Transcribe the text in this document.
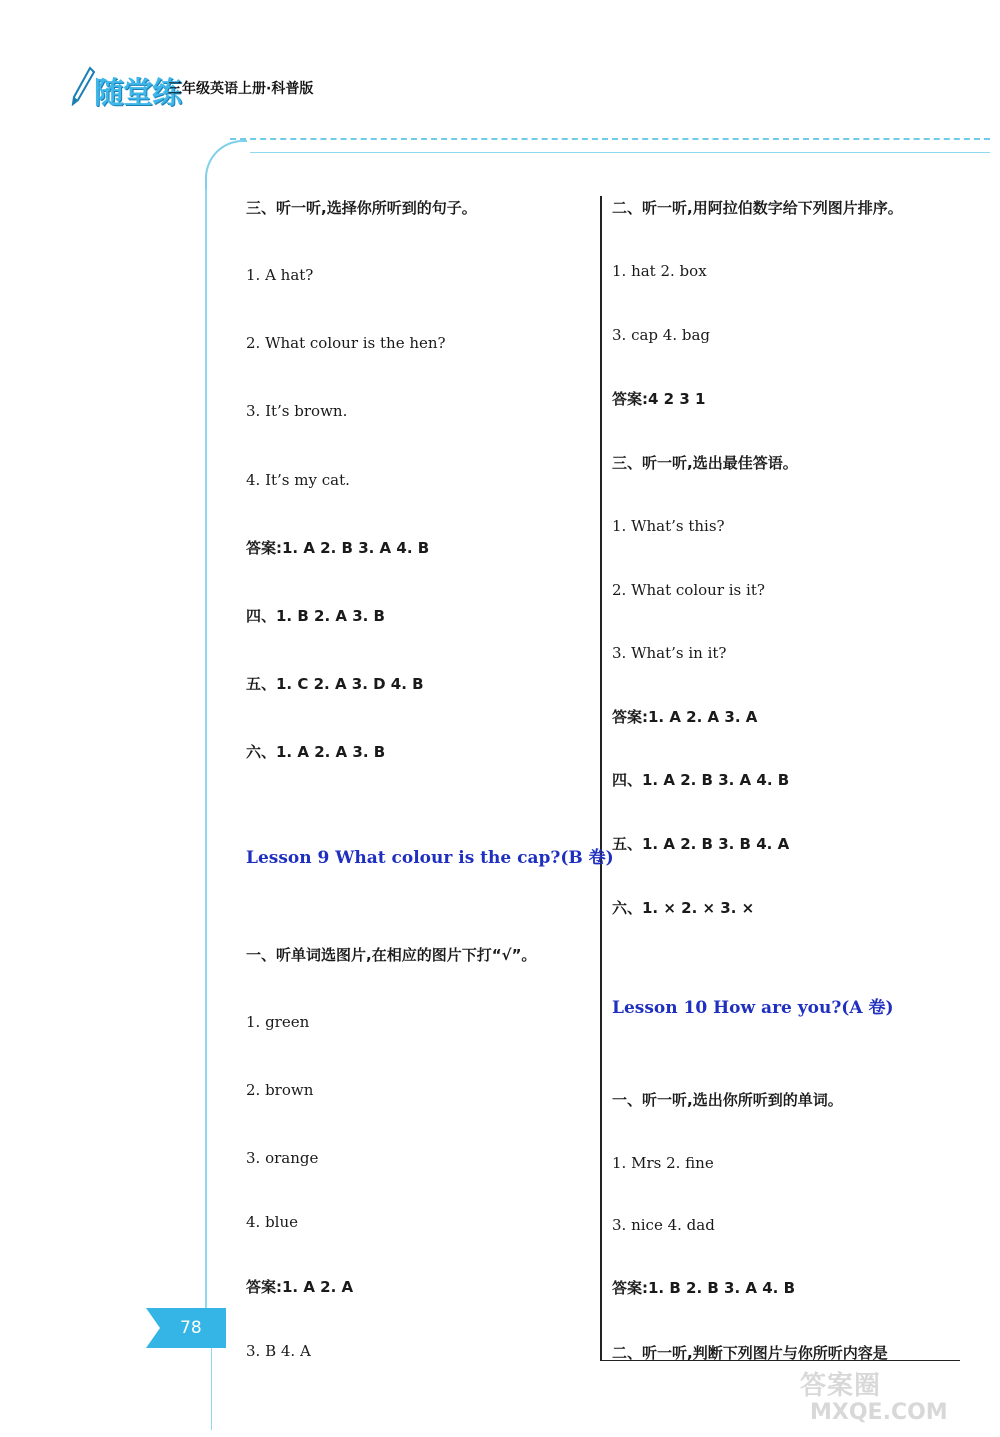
随堂练
三年级英语上册·科普版
78
三、听一听,选择你所听到的句子。
1. A hat?
2. What colour is the hen?
3. It’s brown.
4. It’s my cat.
答案:1. A 2. B 3. A 4. B
四、1. B 2. A 3. B
五、1. C 2. A 3. D 4. B
六、1. A 2. A 3. B
Lesson 9 What colour is the cap?(B 卷)
一、听单词选图片,在相应的图片下打“√”。
1. green
2. brown
3. orange
4. blue
答案:1. A 2. A
3. B 4. A
二、听一听,用阿拉伯数字给下列图片排序。
1. hat 2. box
3. cap 4. bag
答案:4 2 3 1
三、听一听,选出最佳答语。
1. What’s this?
2. What colour is it?
3. What’s in it?
答案:1. A 2. A 3. A
四、1. A 2. B 3. A 4. B
五、1. A 2. B 3. B 4. A
六、1. × 2. × 3. ×
Lesson 10 How are you?(A 卷)
一、听一听,选出你所听到的单词。
1. Mrs 2. fine
3. nice 4. dad
答案:1. B 2. B 3. A 4. B
二、听一听,判断下列图片与你所听内容是
答案圈
MXQE.COM
